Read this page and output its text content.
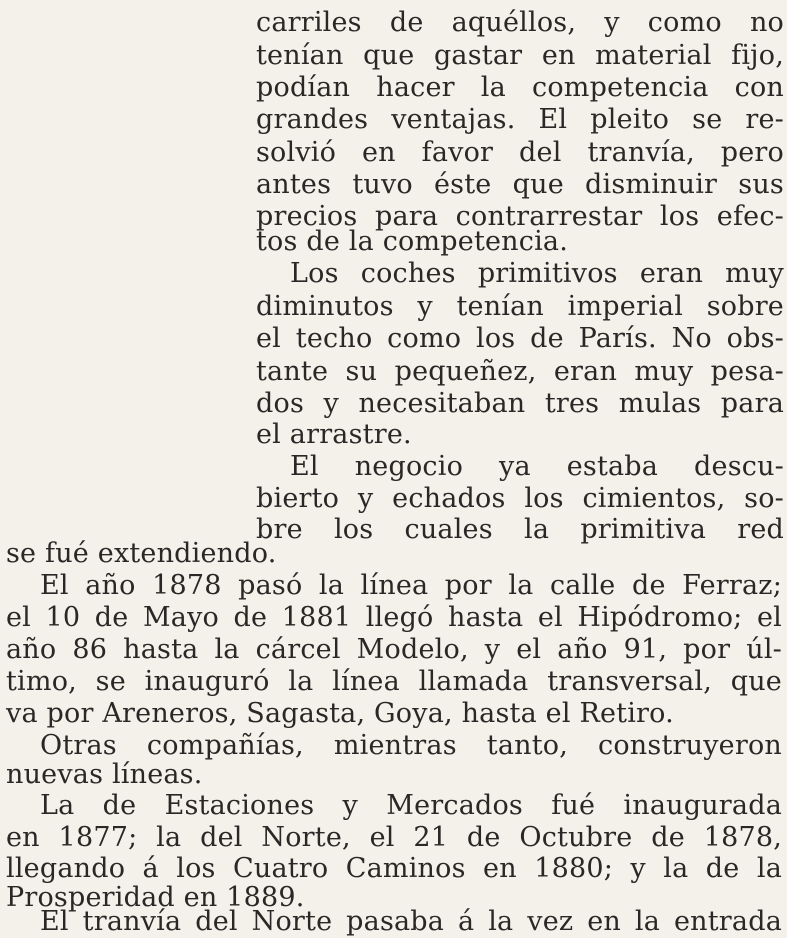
carriles de aquéllos, y como no
tenían que gastar en material fijo,
podían hacer la competencia con
grandes ventajas. El pleito se re-
solvió en favor del tranvía, pero
antes tuvo éste que disminuir sus
precios para contrarrestar los efec-
tos de la competencia.
Los coches primitivos eran muy
diminutos y tenían imperial sobre
el techo como los de París. No obs-
tante su pequeñez, eran muy pesa-
dos y necesitaban tres mulas para
el arrastre.
El negocio ya estaba descu-
bierto y echados los cimientos, so-
bre los cuales la primitiva red
se fué extendiendo.
El año 1878 pasó la línea por la calle de Ferraz;
el 10 de Mayo de 1881 llegó hasta el Hipódromo; el
año 86 hasta la cárcel Modelo, y el año 91, por úl-
timo, se inauguró la línea llamada transversal, que
va por Areneros, Sagasta, Goya, hasta el Retiro.
Otras compañías, mientras tanto, construyeron
nuevas líneas.
La de Estaciones y Mercados fué inaugurada
en 1877; la del Norte, el 21 de Octubre de 1878,
llegando á los Cuatro Caminos en 1880; y la de la
Prosperidad en 1889.
El tranvía del Norte pasaba á la vez en la entrada
